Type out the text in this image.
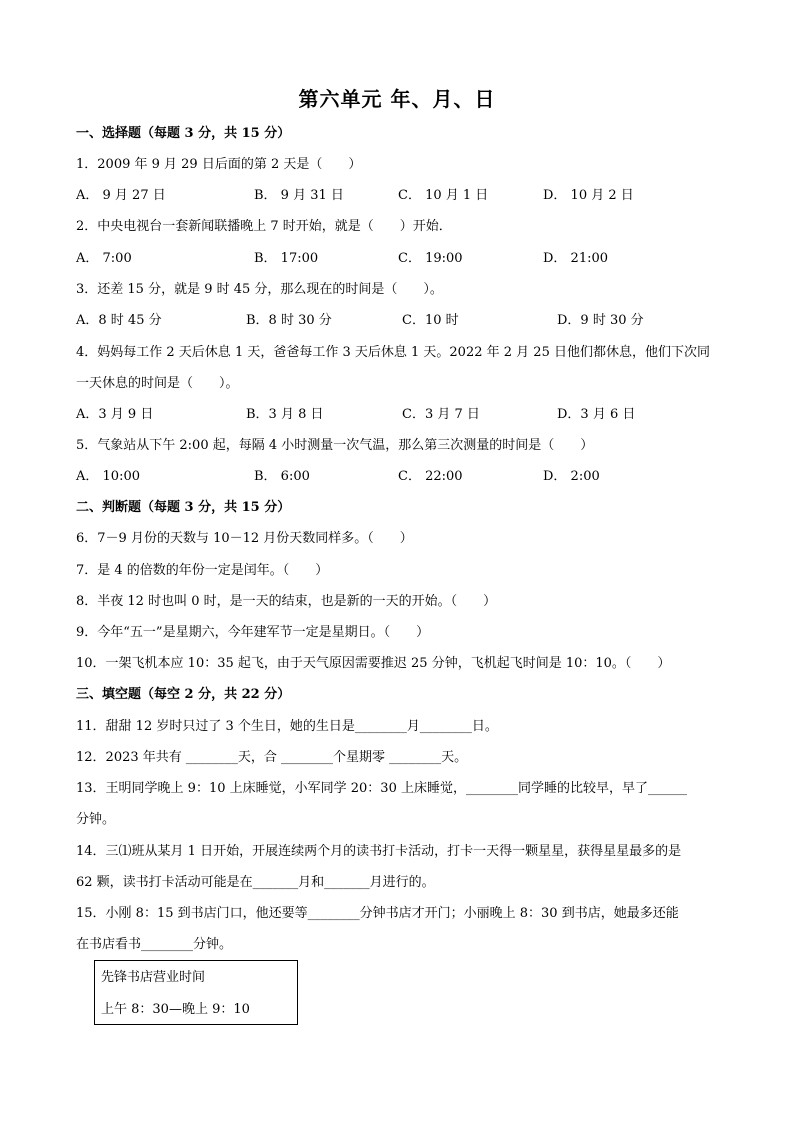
第六单元 年、月、日
一、选择题（每题 3 分，共 15 分）
1．2009 年 9 月 29 日后面的第 2 天是（　　）
A． 9 月 27 日	B． 9 月 31 日	C． 10 月 1 日	D． 10 月 2 日
2．中央电视台一套新闻联播晚上 7 时开始，就是（　　）开始．
A． 7:00	B． 17:00	C． 19:00	D． 21:00
3．还差 15 分，就是 9 时 45 分，那么现在的时间是（　　）。
A．8 时 45 分	B．8 时 30 分	C．10 时	D．9 时 30 分
4．妈妈每工作 2 天后休息 1 天，爸爸每工作 3 天后休息 1 天。2022 年 2 月 25 日他们都休息，他们下次同
一天休息的时间是（　　）。
A．3 月 9 日	B．3 月 8 日	C．3 月 7 日	D．3 月 6 日
5．气象站从下午 2:00 起，每隔 4 小时测量一次气温，那么第三次测量的时间是（　　）
A． 10:00	B． 6:00	C． 22:00	D． 2:00
二、判断题（每题 3 分，共 15 分）
6．7－9 月份的天数与 10－12 月份天数同样多。（　　）
7．是 4 的倍数的年份一定是闰年。（　　）
8．半夜 12 时也叫 0 时，是一天的结束，也是新的一天的开始。（　　）
9．今年“五一”是星期六，今年建军节一定是星期日。（　　）
10．一架飞机本应 10：35 起飞，由于天气原因需要推迟 25 分钟，飞机起飞时间是 10：10。（　　）
三、填空题（每空 2 分，共 22 分）
11．甜甜 12 岁时只过了 3 个生日，她的生日是________月________日。
12．2023 年共有 ________天，合 ________个星期零 ________天。
13．王明同学晚上 9：10 上床睡觉，小军同学 20：30 上床睡觉，________同学睡的比较早，早了______
分钟。
14．三⑴班从某月 1 日开始，开展连续两个月的读书打卡活动，打卡一天得一颗星星，获得星星最多的是
62 颗，读书打卡活动可能是在_______月和_______月进行的。
15．小刚 8：15 到书店门口，他还要等________分钟书店才开门；小丽晚上 8：30 到书店，她最多还能
在书店看书________分钟。
先锋书店营业时间
上午 8：30—晚上 9：10
